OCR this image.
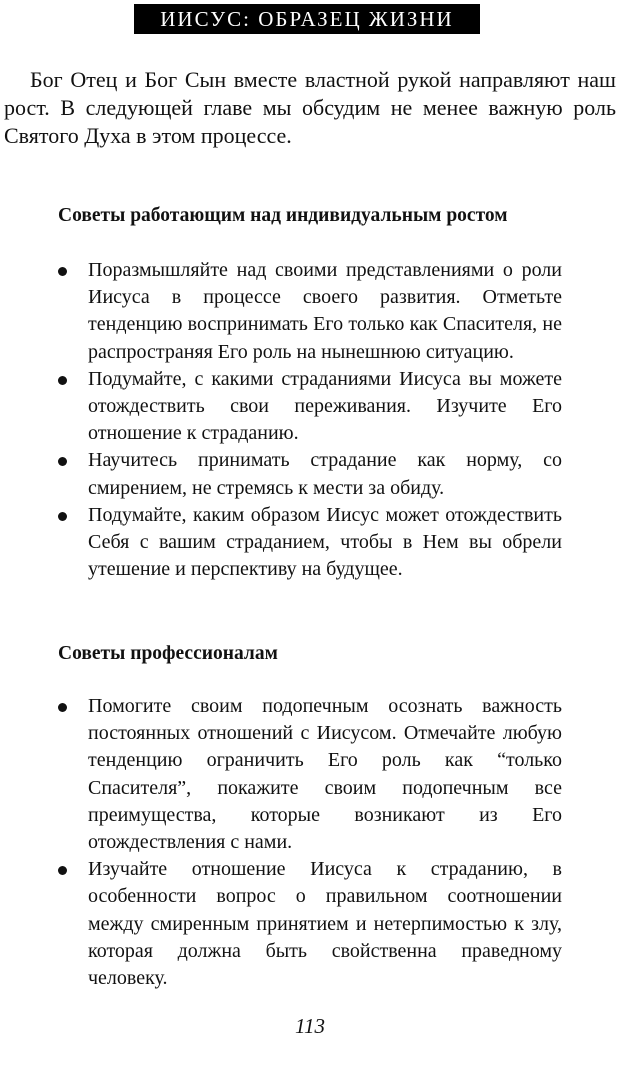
ИИСУС: ОБРАЗЕЦ ЖИЗНИ
Бог Отец и Бог Сын вместе властной рукой направляют наш рост. В следующей главе мы обсудим не менее важную роль Святого Духа в этом процессе.
Советы работающим над индивидуальным ростом
Поразмышляйте над своими представлениями о роли Иисуса в процессе своего развития. Отметьте тенденцию воспринимать Его только как Спасителя, не распространяя Его роль на нынешнюю ситуацию.
Подумайте, с какими страданиями Иисуса вы можете отождествить свои переживания. Изучите Его отношение к страданию.
Научитесь принимать страдание как норму, со смирением, не стремясь к мести за обиду.
Подумайте, каким образом Иисус может отождествить Себя с вашим страданием, чтобы в Нем вы обрели утешение и перспективу на будущее.
Советы профессионалам
Помогите своим подопечным осознать важность постоянных отношений с Иисусом. Отмечайте любую тенденцию ограничить Его роль как “только Спасителя”, покажите своим подопечным все преимущества, которые возникают из Его отождествления с нами.
Изучайте отношение Иисуса к страданию, в особенности вопрос о правильном соотношении между смиренным принятием и нетерпимостью к злу, которая должна быть свойственна праведному человеку.
113
